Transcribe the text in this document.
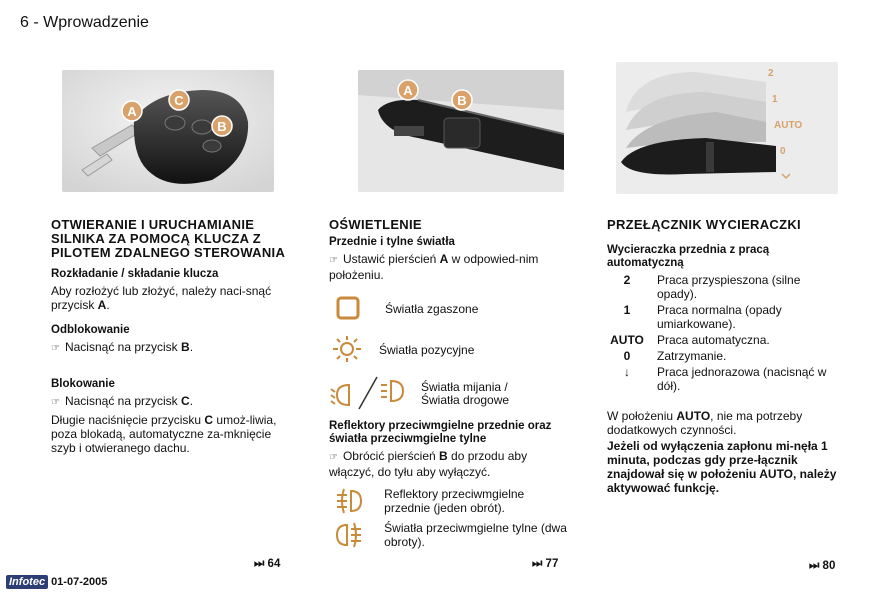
6 - Wprowadzenie
A
C
B
A
B
2
1
AUTO
0
OTWIERANIE I URUCHAMIANIE SILNIKA ZA POMOCĄ KLUCZA Z PILOTEM ZDALNEGO STEROWANIA
Rozkładanie / składanie klucza
Aby rozłożyć lub złożyć, należy naci-snąć przycisk A.
Odblokowanie
☞ Nacisnąć na przycisk B.
Blokowanie
☞ Nacisnąć na przycisk C.
Długie naciśnięcie przycisku C umoż-liwia, poza blokadą, automatyczne za-mknięcie szyb i otwieranego dachu.
OŚWIETLENIE
Przednie i tylne światła
☞ Ustawić pierścień A w odpowied-nim położeniu.
Światła zgaszone
Światła pozycyjne
Światła mijania /
Światła drogowe
Reflektory przeciwmgielne przednie oraz światła przeciwmgielne tylne
☞ Obrócić pierścień B do przodu aby włączyć, do tyłu aby wyłączyć.
Reflektory przeciwmgielne przednie (jeden obrót).
Światła przeciwmgielne tylne (dwa obroty).
PRZEŁĄCZNIK WYCIERACZKI
Wycieraczka przednia z pracą automatyczną
2	Praca przyspieszona (silne opady).
1	Praca normalna (opady umiarkowane).
AUTO	Praca automatyczna.
0	Zatrzymanie.
↓	Praca jednorazowa (nacisnąć w dół).
W położeniu AUTO, nie ma potrzeby dodatkowych czynności.
Jeżeli od wyłączenia zapłonu mi-nęła 1 minuta, podczas gdy prze-łącznik znajdował się w położeniu AUTO, należy aktywować funkcję.
⏭ 64	⏭ 77	⏭ 80
Infotec 01-07-2005
